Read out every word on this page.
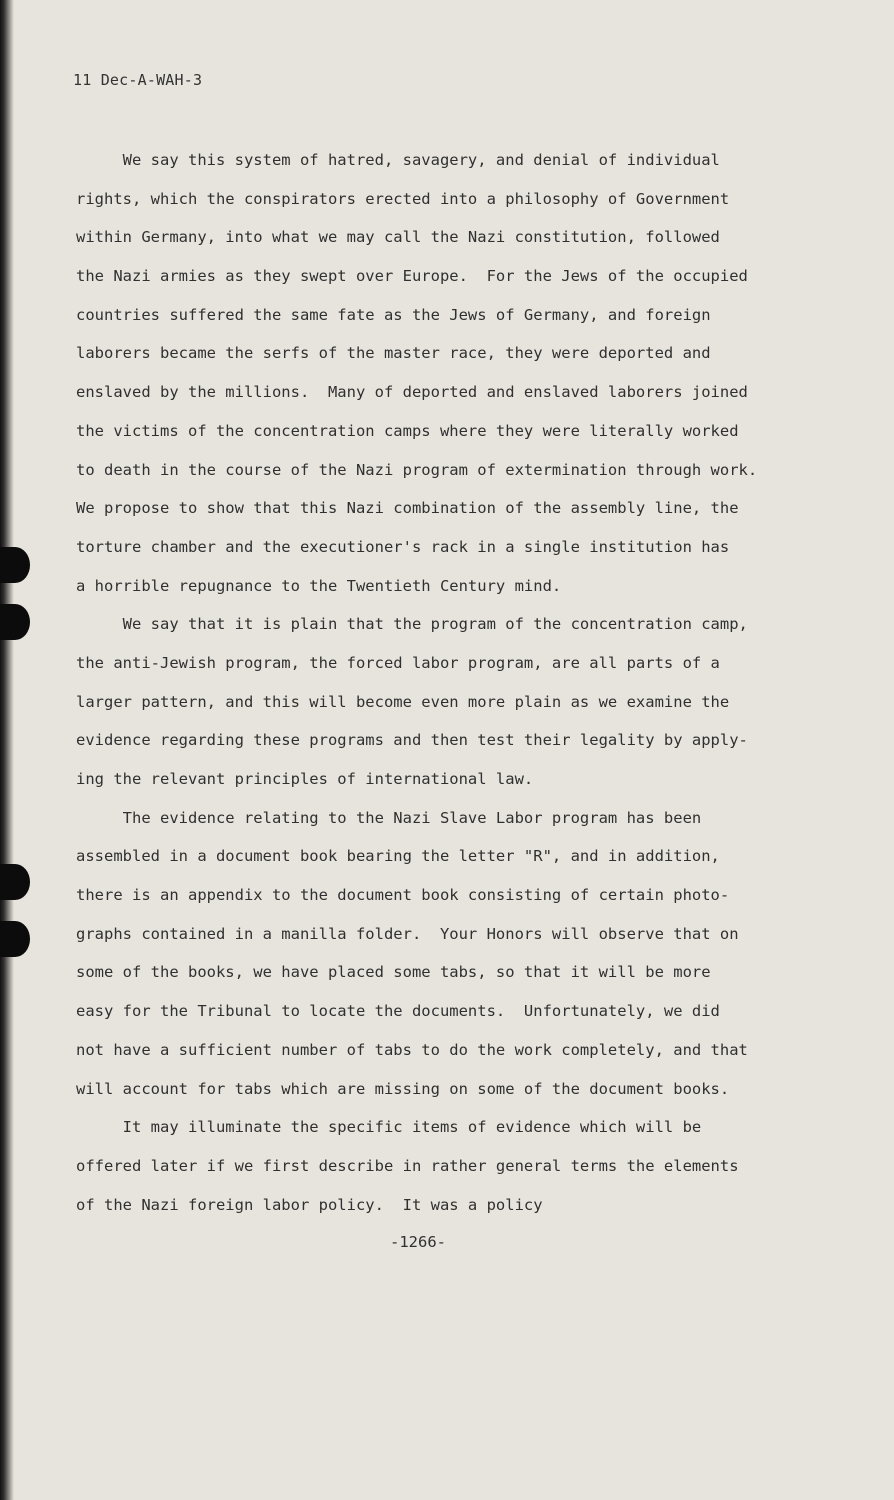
11 Dec-A-WAH-3
We say this system of hatred, savagery, and denial of individual
rights, which the conspirators erected into a philosophy of Government
within Germany, into what we may call the Nazi constitution, followed
the Nazi armies as they swept over Europe.  For the Jews of the occupied
countries suffered the same fate as the Jews of Germany, and foreign
laborers became the serfs of the master race, they were deported and
enslaved by the millions.  Many of deported and enslaved laborers joined
the victims of the concentration camps where they were literally worked
to death in the course of the Nazi program of extermination through work.
We propose to show that this Nazi combination of the assembly line, the
torture chamber and the executioner's rack in a single institution has
a horrible repugnance to the Twentieth Century mind.
We say that it is plain that the program of the concentration camp,
the anti-Jewish program, the forced labor program, are all parts of a
larger pattern, and this will become even more plain as we examine the
evidence regarding these programs and then test their legality by apply-
ing the relevant principles of international law.
The evidence relating to the Nazi Slave Labor program has been
assembled in a document book bearing the letter "R", and in addition,
there is an appendix to the document book consisting of certain photo-
graphs contained in a manilla folder.  Your Honors will observe that on
some of the books, we have placed some tabs, so that it will be more
easy for the Tribunal to locate the documents.  Unfortunately, we did
not have a sufficient number of tabs to do the work completely, and that
will account for tabs which are missing on some of the document books.
It may illuminate the specific items of evidence which will be
offered later if we first describe in rather general terms the elements
of the Nazi foreign labor policy.  It was a policy
-1266-
